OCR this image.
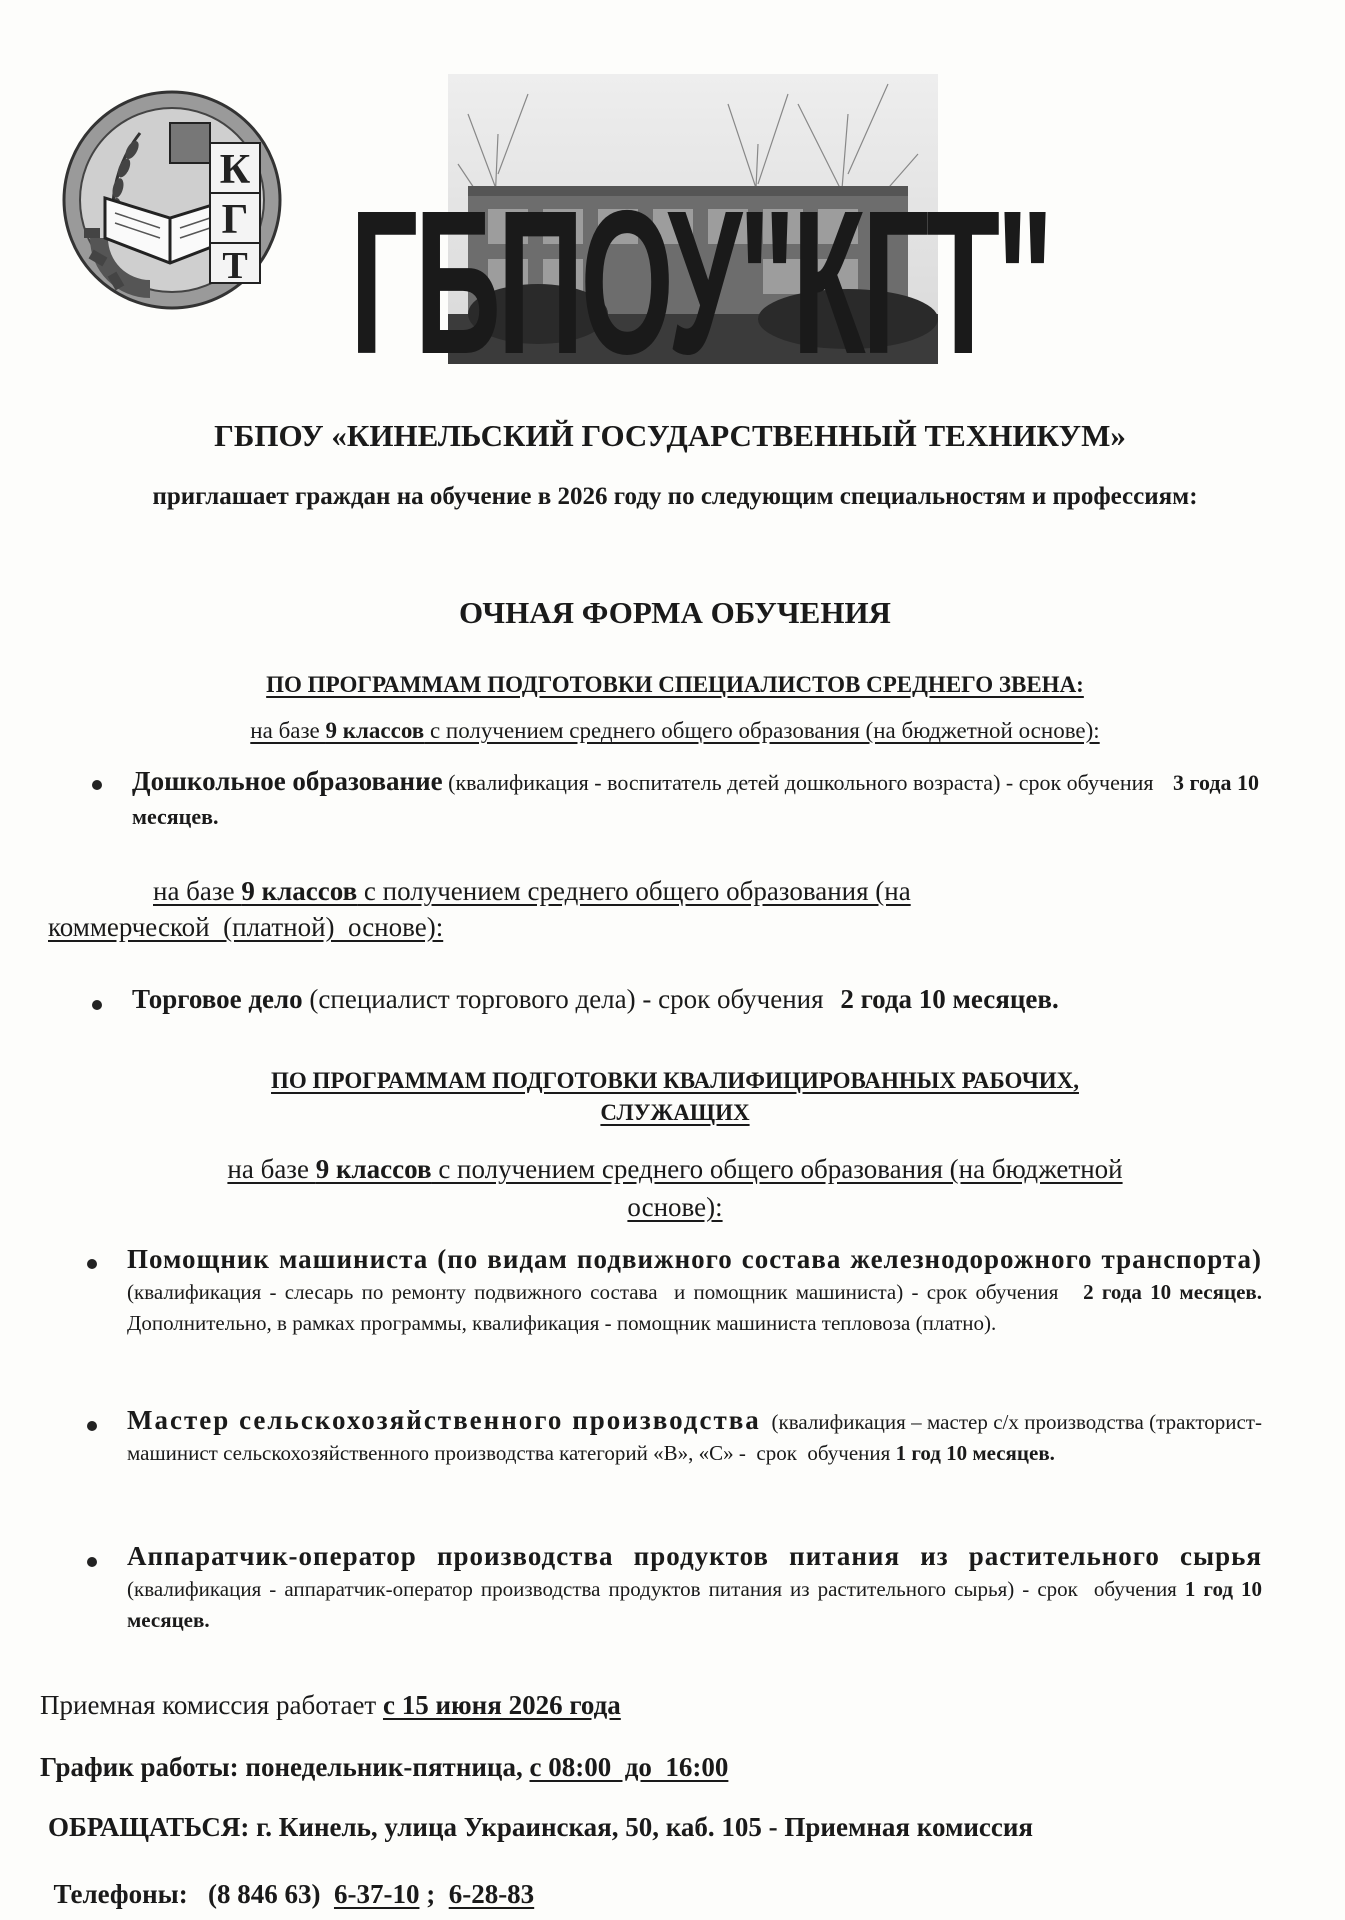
К
Г
Т ГБПОУ"КГТ"
ГБПОУ «КИНЕЛЬСКИЙ ГОСУДАРСТВЕННЫЙ ТЕХНИКУМ»
приглашает граждан на обучение в 2026 году по следующим специальностям и профессиям:
ОЧНАЯ ФОРМА ОБУЧЕНИЯ
ПО ПРОГРАММАМ ПОДГОТОВКИ СПЕЦИАЛИСТОВ СРЕДНЕГО ЗВЕНА:
на базе 9 классов с получением среднего общего образования (на бюджетной основе):
Дошкольное образование (квалификация - воспитатель детей дошкольного возраста) - срок обучения 3 года 10 месяцев.
на базе 9 классов с получением среднего общего образования (на
коммерческой  (платной)  основе):
Торговое дело (специалист торгового дела) - срок обучения 2 года 10 месяцев.
ПО ПРОГРАММАМ ПОДГОТОВКИ КВАЛИФИЦИРОВАННЫХ РАБОЧИХ,
СЛУЖАЩИХ
на базе 9 классов с получением среднего общего образования (на бюджетной
основе):
Помощник машиниста (по видам подвижного состава железнодорожного транспорта)   (квалификация - слесарь по ремонту подвижного состава  и помощник машиниста) - срок обучения   2 года 10 месяцев. Дополнительно, в рамках программы, квалификация - помощник машиниста тепловоза (платно).
Мастер сельскохозяйственного производства  (квалификация – мастер с/х производства (тракторист-машинист сельскохозяйственного производства категорий «В», «С» -  срок  обучения 1 год 10 месяцев.
Аппаратчик-оператор производства продуктов питания из растительного сырья   (квалификация - аппаратчик-оператор производства продуктов питания из растительного сырья) - срок  обучения 1 год 10 месяцев.
Приемная комиссия работает с 15 июня 2026 года
График работы: понедельник-пятница, с 08:00  до  16:00
ОБРАЩАТЬСЯ: г. Кинель, улица Украинская, 50, каб. 105 - Приемная комиссия

Телефоны:   (8 846 63)  6-37-10 ;  6-28-83
